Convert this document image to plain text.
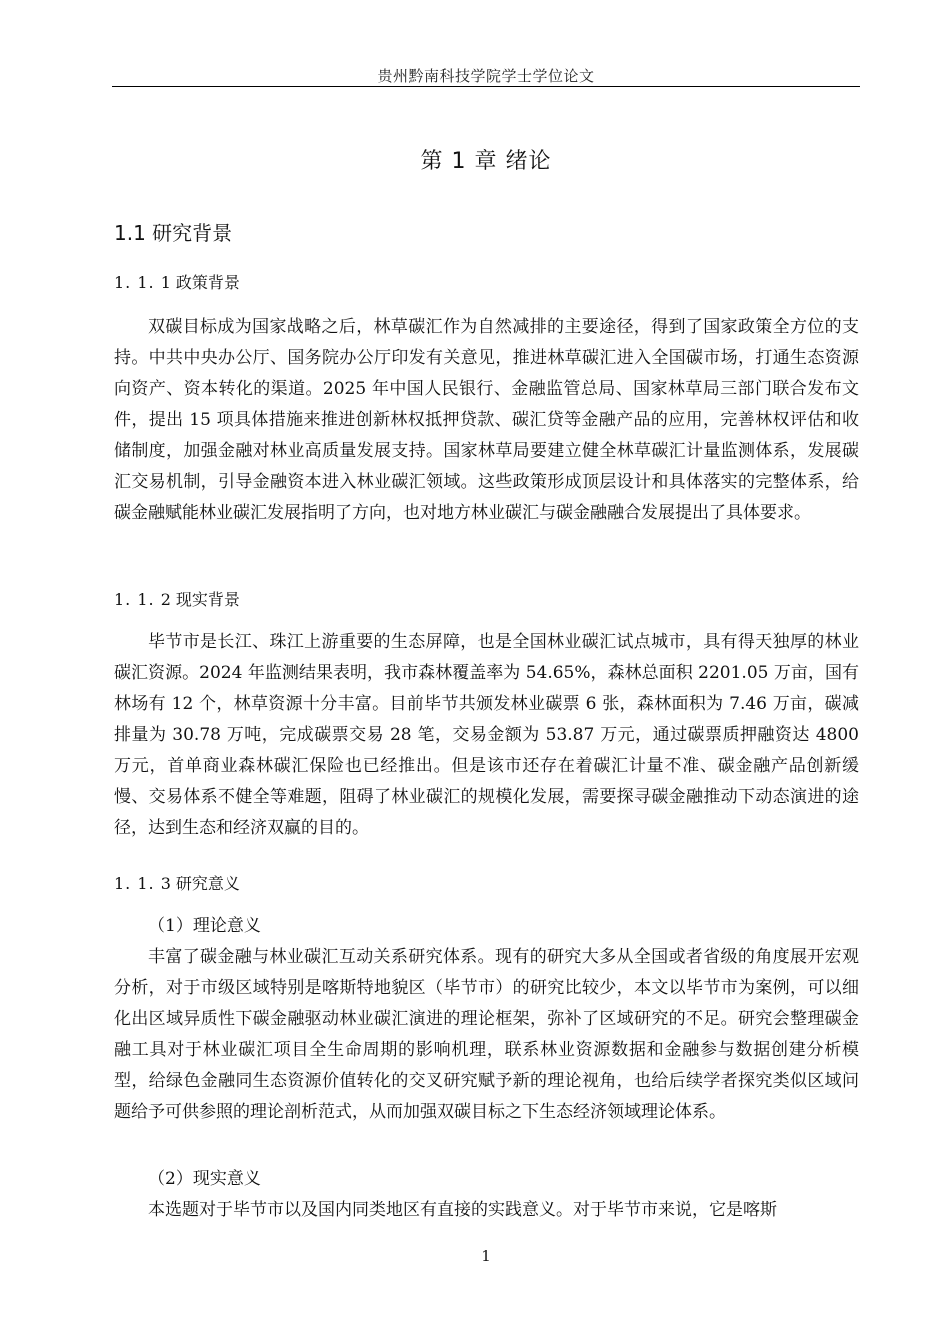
贵州黔南科技学院学士学位论文
第 1 章 绪论
1.1 研究背景
1. 1. 1 政策背景

双碳目标成为国家战略之后，林草碳汇作为自然减排的主要途径，得到了国家政策全方位的支持。中共中央办公厅、国务院办公厅印发有关意见，推进林草碳汇进入全国碳市场，打通生态资源向资产、资本转化的渠道。2025 年中国人民银行、金融监管总局、国家林草局三部门联合发布文件，提出 15 项具体措施来推进创新林权抵押贷款、碳汇贷等金融产品的应用，完善林权评估和收储制度，加强金融对林业高质量发展支持。国家林草局要建立健全林草碳汇计量监测体系，发展碳汇交易机制，引导金融资本进入林业碳汇领域。这些政策形成顶层设计和具体落实的完整体系，给碳金融赋能林业碳汇发展指明了方向，也对地方林业碳汇与碳金融融合发展提出了具体要求。

1. 1. 2 现实背景

毕节市是长江、珠江上游重要的生态屏障，也是全国林业碳汇试点城市，具有得天独厚的林业碳汇资源。2024 年监测结果表明，我市森林覆盖率为 54.65%，森林总面积 2201.05 万亩，国有林场有 12 个，林草资源十分丰富。目前毕节共颁发林业碳票 6 张，森林面积为 7.46 万亩，碳减排量为 30.78 万吨，完成碳票交易 28 笔，交易金额为 53.87 万元，通过碳票质押融资达 4800 万元，首单商业森林碳汇保险也已经推出。但是该市还存在着碳汇计量不准、碳金融产品创新缓慢、交易体系不健全等难题，阻碍了林业碳汇的规模化发展，需要探寻碳金融推动下动态演进的途径，达到生态和经济双赢的目的。

1. 1. 3 研究意义
（1）理论意义

丰富了碳金融与林业碳汇互动关系研究体系。现有的研究大多从全国或者省级的角度展开宏观分析，对于市级区域特别是喀斯特地貌区（毕节市）的研究比较少，本文以毕节市为案例，可以细化出区域异质性下碳金融驱动林业碳汇演进的理论框架，弥补了区域研究的不足。研究会整理碳金融工具对于林业碳汇项目全生命周期的影响机理，联系林业资源数据和金融参与数据创建分析模型，给绿色金融同生态资源价值转化的交叉研究赋予新的理论视角，也给后续学者探究类似区域问题给予可供参照的理论剖析范式，从而加强双碳目标之下生态经济领域理论体系。

（2）现实意义

本选题对于毕节市以及国内同类地区有直接的实践意义。对于毕节市来说，它是喀斯

1
